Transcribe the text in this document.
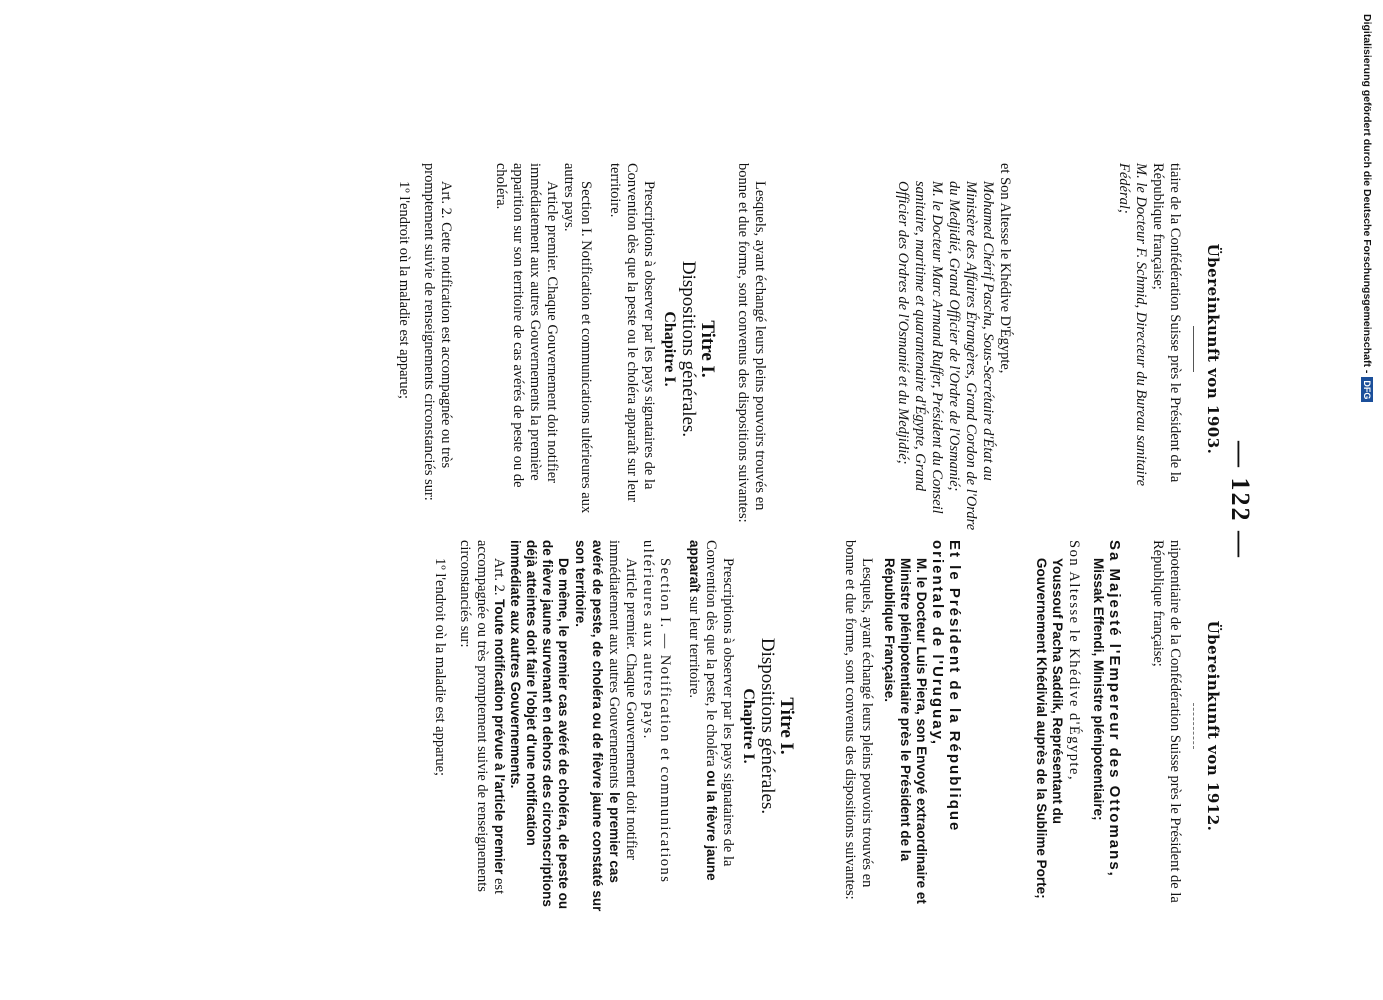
— 122 —
Übereinkunft von 1903.

tiaire de la Confédération Suisse près le Président de la République française;

M. le Docteur F. Schmid, Directeur du Bureau sanitaire Fédéral;

et Son Altesse le Khédive D'Égypte,

Mohamed Chérif Pascha, Sous-Secrétaire d'État au Ministère des Affaires Étrangères, Grand Cordon de l'Ordre du Medjidié, Grand Officier de l'Ordre de l'Osmanié;

M. le Docteur Marc Armand Ruffer, Président du Conseil sanitaire, maritime et quarantenaire d'Égypte, Grand Officier des Ordres de l'Osmanié et du Medjidié;

Lesquels, ayant échangé leurs pleins pouvoirs trouvés en bonne et due forme, sont convenus des dispositions suivantes:

Titre I.
Dispositions générales.
Chapitre I.

Prescriptions à observer par les pays signataires de la Convention dès que la peste ou le choléra apparaît sur leur territoire.

Section I. Notification et communications ultérieures aux autres pays.

Article premier. Chaque Gouvernement doit notifier immédiatement aux autres Gouvernements la première apparition sur son territoire de cas avérés de peste ou de choléra.

Art. 2. Cette notification est accompagnée ou très promptement suivie de renseignements circonstanciés sur:

1º l'endroit où la maladie est apparue;

Übereinkunft von 1912.

nipotentiaire de la Confédération Suisse près le Président de la République française;

Sa Majesté l'Empereur des Ottomans,

Missak Effendi, Ministre plénipotentiaire;

Son Altesse le Khédive d'Égypte,

Youssouf Pacha Saddik, Représentant du Gouvernement Khédivial auprès de la Sublime Porte;

Et le Président de la République orientale de l'Uruguay,

M. le Docteur Luis Piera, son Envoyé extraordinaire et Ministre plénipotentiaire près le Président de la République Française.

Lesquels, ayant échangé leurs pleins pouvoirs trouvés en bonne et due forme, sont convenus des dispositions suivantes:

Titre I.
Dispositions générales.
Chapitre I.

Prescriptions à observer par les pays signataires de la Convention dès que la peste, le choléra ou la fièvre jaune apparaît sur leur territoire.

Section I. — Notification et communications ultérieures aux autres pays.

Article premier. Chaque Gouvernement doit notifier immédiatement aux autres Gouvernements le premier cas avéré de peste, de choléra ou de fièvre jaune constaté sur son territoire.

De même, le premier cas avéré de choléra, de peste ou de fièvre jaune survenant en dehors des circonscriptions déjà atteintes doit faire l'objet d'une notification immédiate aux autres Gouvernements.

Art. 2. Toute notification prévue à l'article premier est accompagnée ou très promptement suivie de renseignements circonstanciés sur:

1º l'endroit où la maladie est apparue;

Digitalisierung gefördert durch die Deutsche Forschungsgemeinschaft -DFG
